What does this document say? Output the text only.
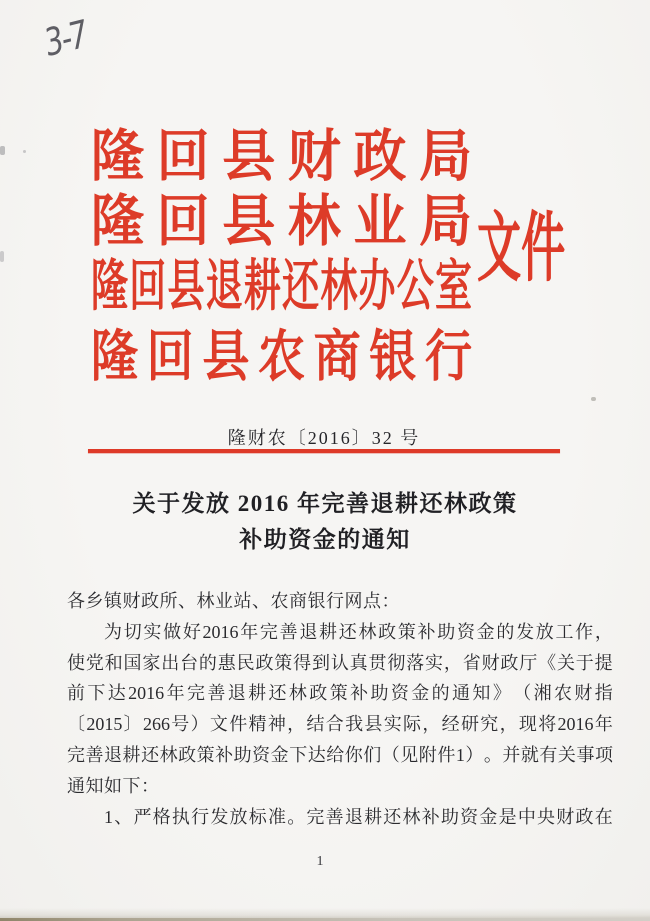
3-7
隆 回 县 财 政 局
隆 回 县 林 业 局
隆 回 县 退 耕 还 林 办 公 室
隆 回 县 农 商 银 行
文件
隆财农〔2016〕32 号
关于发放 2016 年完善退耕还林政策
补助资金的通知
各乡镇财政所、林业站、农商银行网点：
为 切 实 做 好 2016 年 完 善 退 耕 还 林 政 策 补 助 资 金 的 发 放 工 作 ，
使 党 和 国 家 出 台 的 惠 民 政 策 得 到 认 真 贯 彻 落 实 ， 省 财 政 厅 《 关 于 提
前 下 达 2016 年 完 善 退 耕 还 林 政 策 补 助 资 金 的 通 知 》 （ 湘 农 财 指
〔 2015 〕 266 号 ） 文 件 精 神 ， 结 合 我 县 实 际 ， 经 研 究 ， 现 将 2016 年
完 善 退 耕 还 林 政 策 补 助 资 金 下 达 给 你 们 （ 见 附 件 1 ） 。 并 就 有 关 事 项
通知如下：
1 、 严 格 执 行 发 放 标 准 。 完 善 退 耕 还 林 补 助 资 金 是 中 央 财 政 在
1
